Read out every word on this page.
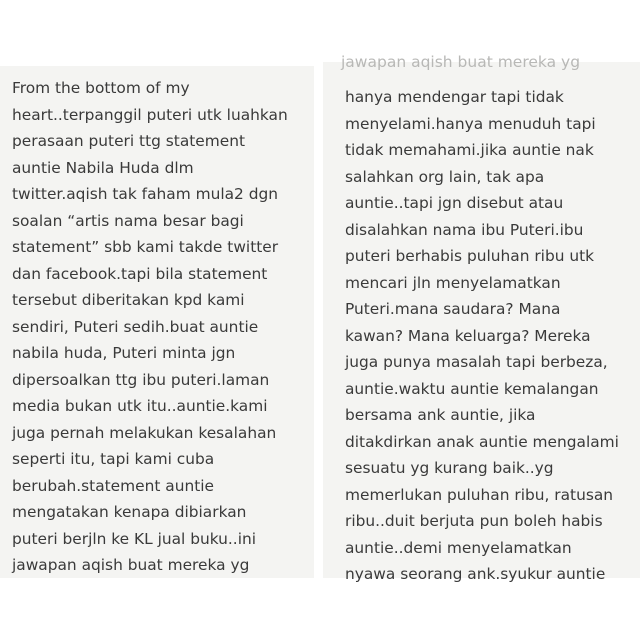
From the bottom of my
heart..terpanggil puteri utk luahkan
perasaan puteri ttg statement
auntie Nabila Huda dlm
twitter.aqish tak faham mula2 dgn
soalan “artis nama besar bagi
statement” sbb kami takde twitter
dan facebook.tapi bila statement
tersebut diberitakan kpd kami
sendiri, Puteri sedih.buat auntie
nabila huda, Puteri minta jgn
dipersoalkan ttg ibu puteri.laman
media bukan utk itu..auntie.kami
juga pernah melakukan kesalahan
seperti itu, tapi kami cuba
berubah.statement auntie
mengatakan kenapa dibiarkan
puteri berjln ke KL jual buku..ini
jawapan aqish buat mereka yg
jawapan aqish buat mereka yg
hanya mendengar tapi tidak
menyelami.hanya menuduh tapi
tidak memahami.jika auntie nak
salahkan org lain, tak apa
auntie..tapi jgn disebut atau
disalahkan nama ibu Puteri.ibu
puteri berhabis puluhan ribu utk
mencari jln menyelamatkan
Puteri.mana saudara? Mana
kawan? Mana keluarga? Mereka
juga punya masalah tapi berbeza,
auntie.waktu auntie kemalangan
bersama ank auntie, jika
ditakdirkan anak auntie mengalami
sesuatu yg kurang baik..yg
memerlukan puluhan ribu, ratusan
ribu..duit berjuta pun boleh habis
auntie..demi menyelamatkan
nyawa seorang ank.syukur auntie
